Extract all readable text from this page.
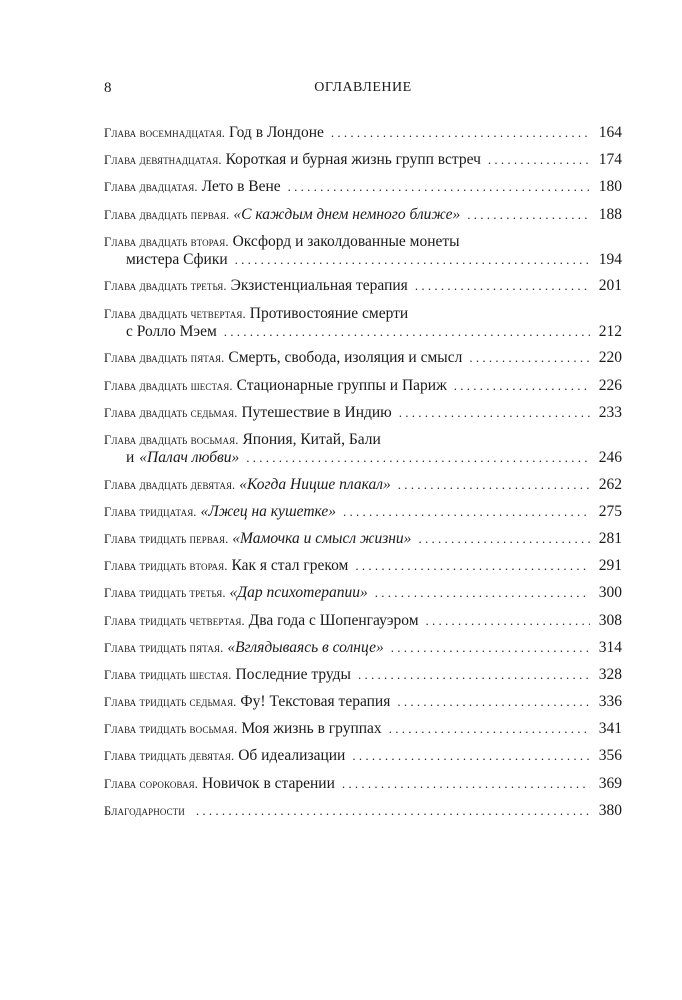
8	ОГЛАВЛЕНИЕ
Глава восемнадцатая. Год в Лондоне . . .	164
Глава девятнадцатая. Короткая и бурная жизнь групп встреч . . .	174
Глава двадцатая. Лето в Вене . . .	180
Глава двадцать первая. «С каждым днем немного ближе» . . .	188
Глава двадцать вторая. Оксфорд и заколдованные монеты
мистера Сфики . . .	194
Глава двадцать третья. Экзистенциальная терапия . . .	201
Глава двадцать четвертая. Противостояние смерти
с Ролло Мэем . . .	212
Глава двадцать пятая. Смерть, свобода, изоляция и смысл . . .	220
Глава двадцать шестая. Стационарные группы и Париж . . .	226
Глава двадцать седьмая. Путешествие в Индию . . .	233
Глава двадцать восьмая. Япония, Китай, Бали
и «Палач любви» . . .	246
Глава двадцать девятая. «Когда Ницше плакал» . . .	262
Глава тридцатая. «Лжец на кушетке» . . .	275
Глава тридцать первая. «Мамочка и смысл жизни» . . .	281
Глава тридцать вторая. Как я стал греком . . .	291
Глава тридцать третья. «Дар психотерапии» . . .	300
Глава тридцать четвертая. Два года с Шопенгауэром . . .	308
Глава тридцать пятая. «Вглядываясь в солнце» . . .	314
Глава тридцать шестая. Последние труды . . .	328
Глава тридцать седьмая. Фу! Текстовая терапия . . .	336
Глава тридцать восьмая. Моя жизнь в группах . . .	341
Глава тридцать девятая. Об идеализации . . .	356
Глава сороковая. Новичок в старении . . .	369
Благодарности . . .	380
